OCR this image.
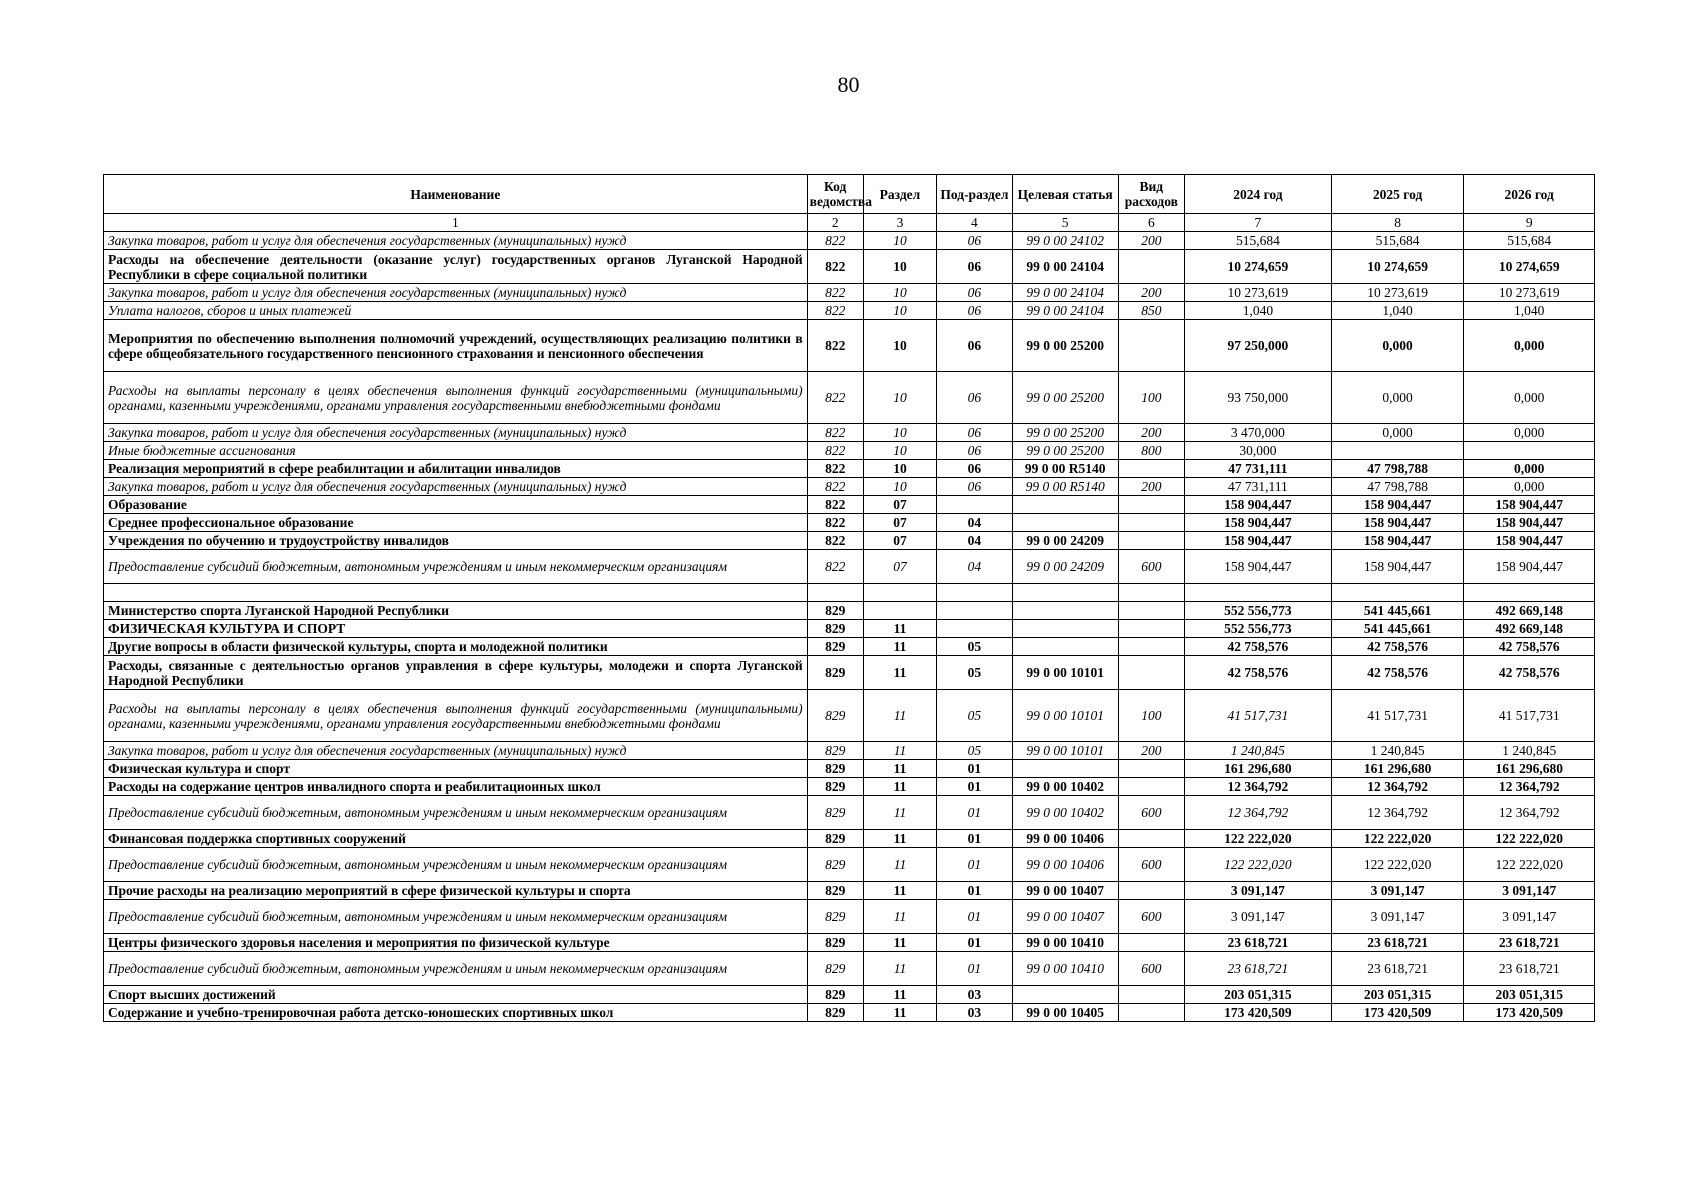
80
Наименование	Код ведомства	Раздел	Под-раздел	Целевая статья	Вид расходов	2024 год	2025 год	2026 год
1	2	3	4	5	6	7	8	9
Закупка товаров, работ и услуг для обеспечения государственных (муниципальных) нужд	822	10	06	99 0 00 24102	200	515,684	515,684	515,684
Расходы на обеспечение деятельности (оказание услуг) государственных органов Луганской Народной Республики в сфере социальной политики	822	10	06	99 0 00 24104		10 274,659	10 274,659	10 274,659
Закупка товаров, работ и услуг для обеспечения государственных (муниципальных) нужд	822	10	06	99 0 00 24104	200	10 273,619	10 273,619	10 273,619
Уплата налогов, сборов и иных платежей	822	10	06	99 0 00 24104	850	1,040	1,040	1,040
Мероприятия по обеспечению выполнения полномочий учреждений, осуществляющих реализацию политики в сфере общеобязательного государственного пенсионного страхования и пенсионного обеспечения	822	10	06	99 0 00 25200		97 250,000	0,000	0,000
Расходы на выплаты персоналу в целях обеспечения выполнения функций государственными (муниципальными) органами, казенными учреждениями, органами управления государственными внебюджетными фондами	822	10	06	99 0 00 25200	100	93 750,000	0,000	0,000
Закупка товаров, работ и услуг для обеспечения государственных (муниципальных) нужд	822	10	06	99 0 00 25200	200	3 470,000	0,000	0,000
Иные бюджетные ассигнования	822	10	06	99 0 00 25200	800	30,000		
Реализация мероприятий в сфере реабилитации и абилитации инвалидов	822	10	06	99 0 00 R5140		47 731,111	47 798,788	0,000
Закупка товаров, работ и услуг для обеспечения государственных (муниципальных) нужд	822	10	06	99 0 00 R5140	200	47 731,111	47 798,788	0,000
Образование	822	07				158 904,447	158 904,447	158 904,447
Среднее профессиональное образование	822	07	04			158 904,447	158 904,447	158 904,447
Учреждения по обучению и трудоустройству инвалидов	822	07	04	99 0 00 24209		158 904,447	158 904,447	158 904,447
Предоставление субсидий бюджетным, автономным учреждениям и иным некоммерческим организациям	822	07	04	99 0 00 24209	600	158 904,447	158 904,447	158 904,447

Министерство спорта Луганской Народной Республики	829					552 556,773	541 445,661	492 669,148
ФИЗИЧЕСКАЯ КУЛЬТУРА И СПОРТ	829	11				552 556,773	541 445,661	492 669,148
Другие вопросы в области физической культуры, спорта и молодежной политики	829	11	05			42 758,576	42 758,576	42 758,576
Расходы, связанные с деятельностью органов управления в сфере культуры, молодежи и спорта Луганской Народной Республики	829	11	05	99 0 00 10101		42 758,576	42 758,576	42 758,576
Расходы на выплаты персоналу в целях обеспечения выполнения функций государственными (муниципальными) органами, казенными учреждениями, органами управления государственными внебюджетными фондами	829	11	05	99 0 00 10101	100	41 517,731	41 517,731	41 517,731
Закупка товаров, работ и услуг для обеспечения государственных (муниципальных) нужд	829	11	05	99 0 00 10101	200	1 240,845	1 240,845	1 240,845
Физическая культура и спорт	829	11	01			161 296,680	161 296,680	161 296,680
Расходы на содержание центров инвалидного спорта и реабилитационных школ	829	11	01	99 0 00 10402		12 364,792	12 364,792	12 364,792
Предоставление субсидий бюджетным, автономным учреждениям и иным некоммерческим организациям	829	11	01	99 0 00 10402	600	12 364,792	12 364,792	12 364,792
Финансовая поддержка спортивных сооружений	829	11	01	99 0 00 10406		122 222,020	122 222,020	122 222,020
Предоставление субсидий бюджетным, автономным учреждениям и иным некоммерческим организациям	829	11	01	99 0 00 10406	600	122 222,020	122 222,020	122 222,020
Прочие расходы на реализацию мероприятий в сфере физической культуры и спорта	829	11	01	99 0 00 10407		3 091,147	3 091,147	3 091,147
Предоставление субсидий бюджетным, автономным учреждениям и иным некоммерческим организациям	829	11	01	99 0 00 10407	600	3 091,147	3 091,147	3 091,147
Центры физического здоровья населения и мероприятия по физической культуре	829	11	01	99 0 00 10410		23 618,721	23 618,721	23 618,721
Предоставление субсидий бюджетным, автономным учреждениям и иным некоммерческим организациям	829	11	01	99 0 00 10410	600	23 618,721	23 618,721	23 618,721
Спорт высших достижений	829	11	03			203 051,315	203 051,315	203 051,315
Содержание и учебно-тренировочная работа детско-юношеских спортивных школ	829	11	03	99 0 00 10405		173 420,509	173 420,509	173 420,509
